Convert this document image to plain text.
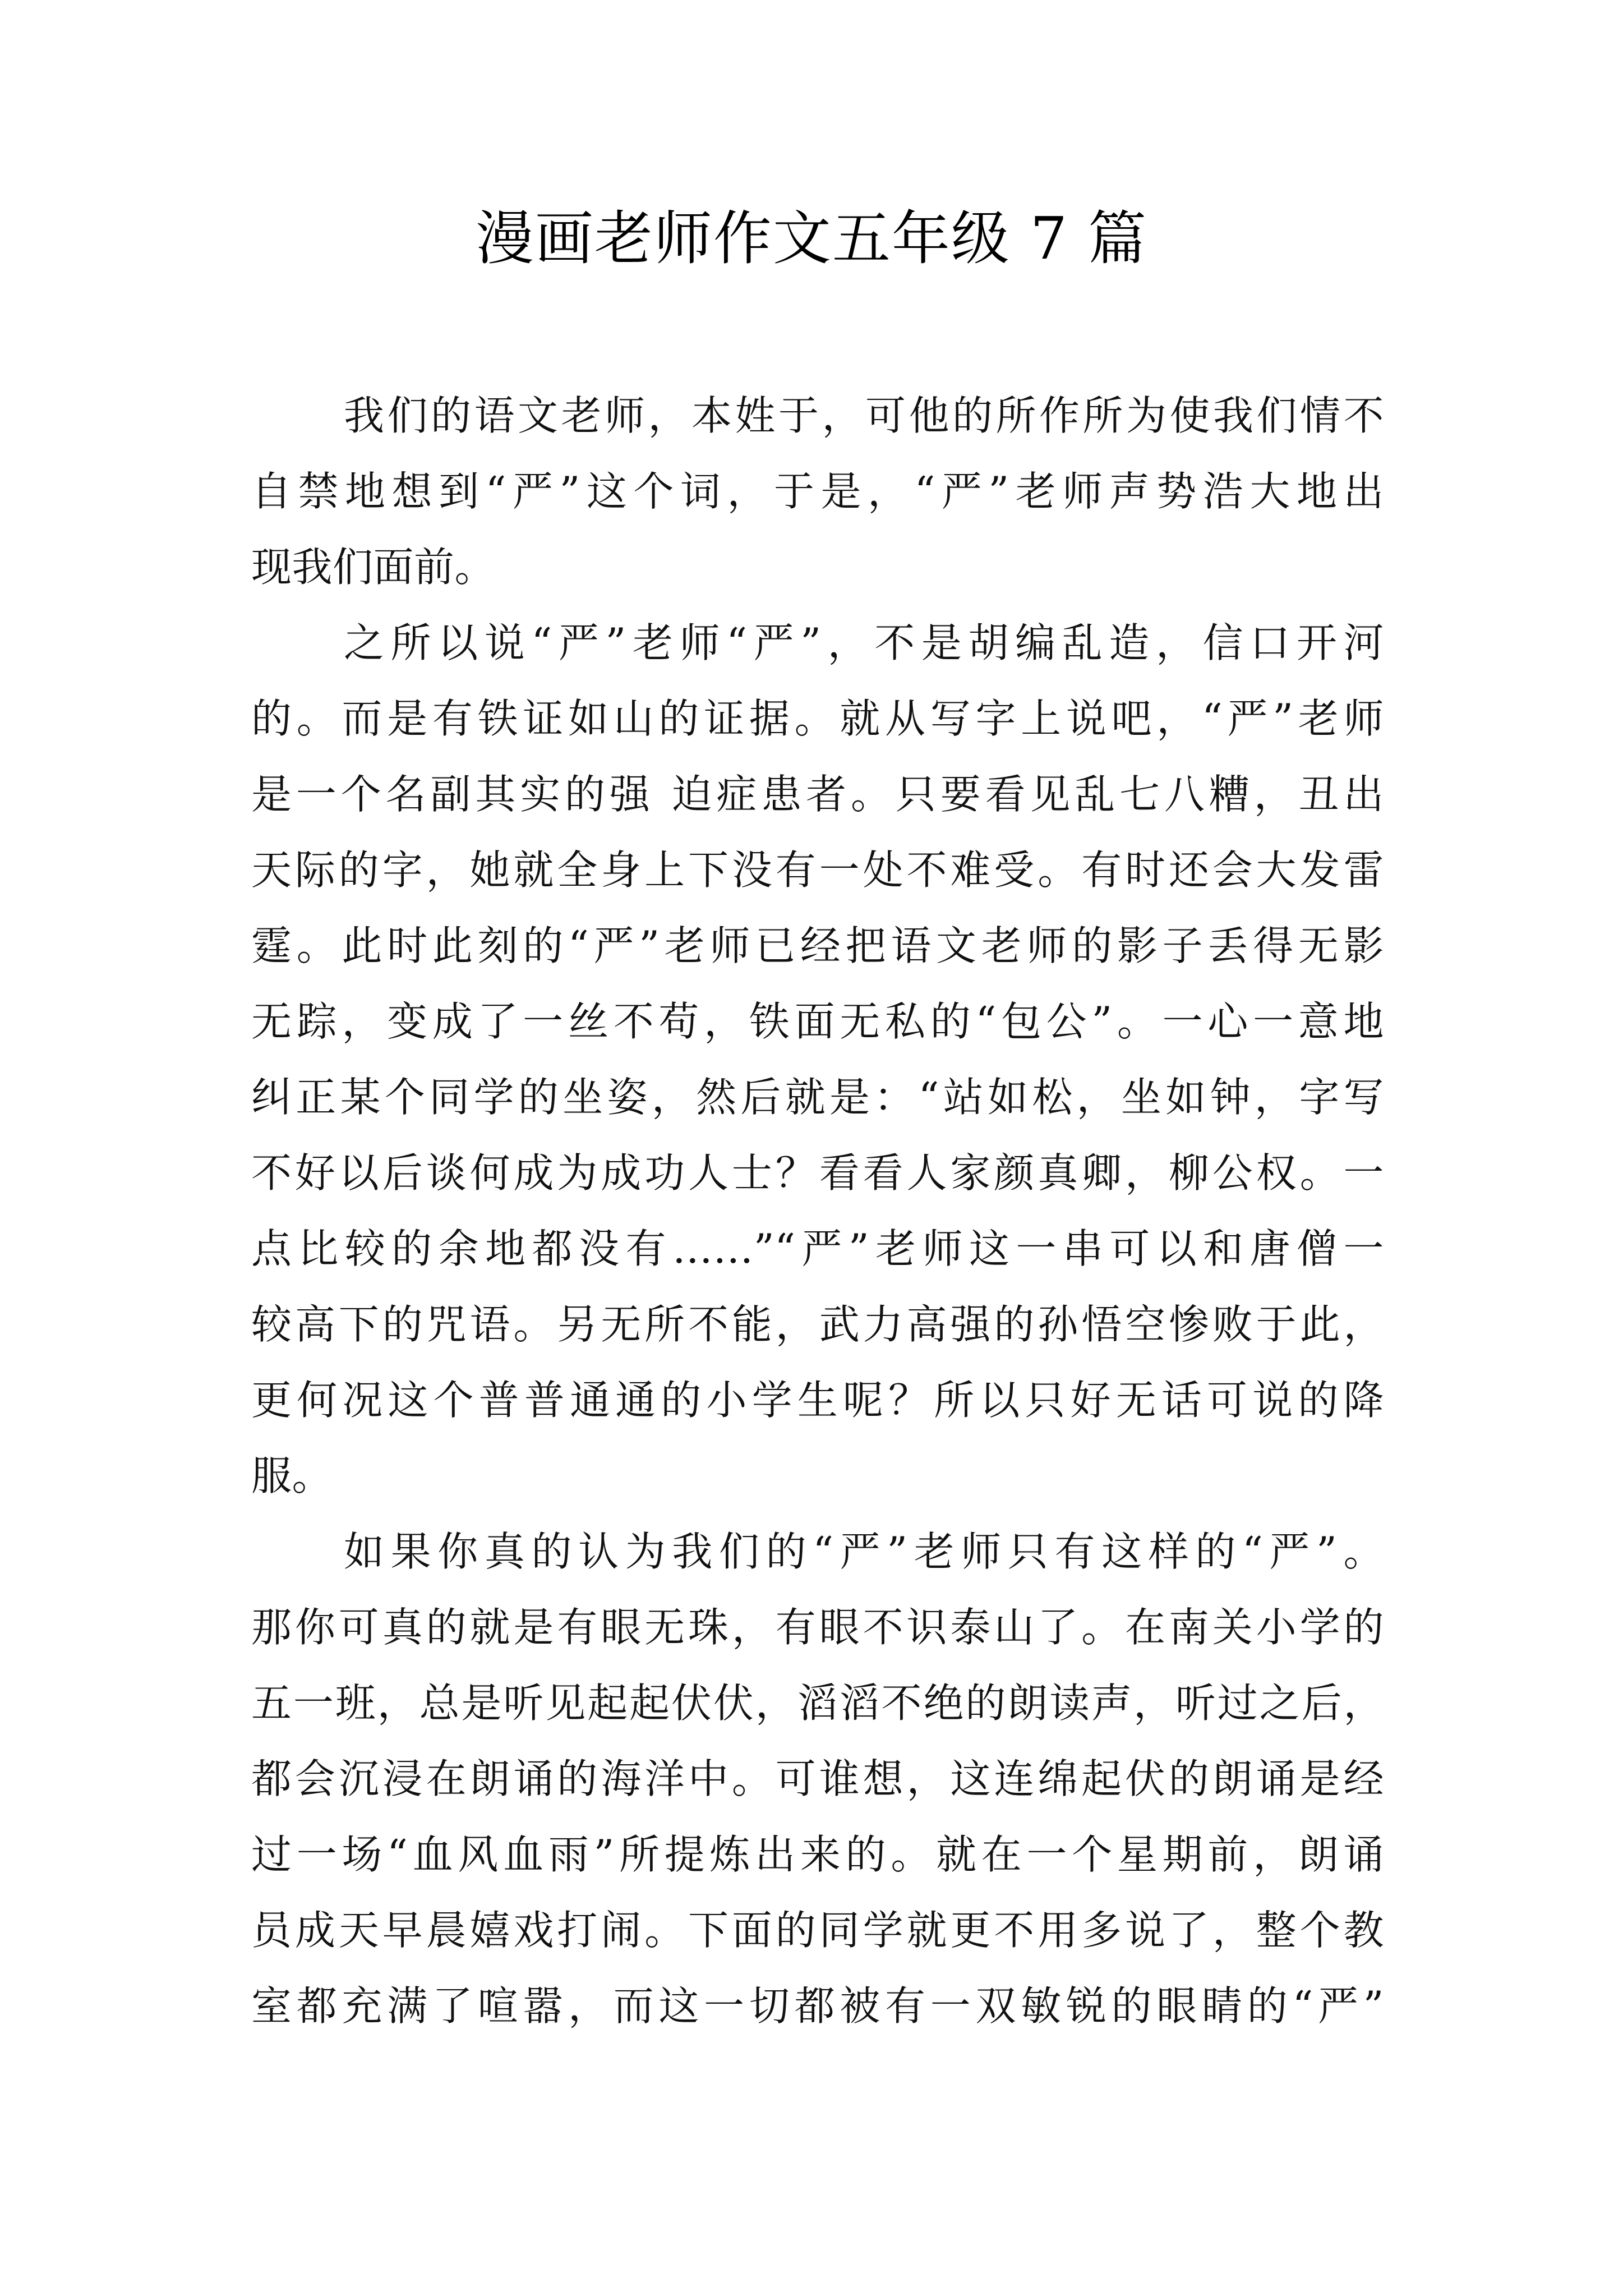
漫画老师作文五年级 7 篇

我们的语文老师，本姓于，可他的所作所为使我们情不

自禁地想到“严”这个词，于是，“严”老师声势浩大地出

现我们面前。

之所以说“严”老师“严”，不是胡编乱造，信口开河

的。而是有铁证如山的证据。就从写字上说吧，“严”老师

是一个名副其实的强 迫症患者。只要看见乱七八糟，丑出

天际的字，她就全身上下没有一处不难受。有时还会大发雷

霆。此时此刻的“严”老师已经把语文老师的影子丢得无影

无踪，变成了一丝不苟，铁面无私的“包公”。一心一意地

纠正某个同学的坐姿，然后就是：“站如松，坐如钟，字写

不好以后谈何成为成功人士？看看人家颜真卿，柳公权。一

点比较的余地都没有……”“严”老师这一串可以和唐僧一

较高下的咒语。另无所不能，武力高强的孙悟空惨败于此，

更何况这个普普通通的小学生呢？所以只好无话可说的降

服。

如果你真的认为我们的“严”老师只有这样的“严”。

那你可真的就是有眼无珠，有眼不识泰山了。在南关小学的

五一班，总是听见起起伏伏，滔滔不绝的朗读声，听过之后，

都会沉浸在朗诵的海洋中。可谁想，这连绵起伏的朗诵是经

过一场“血风血雨”所提炼出来的。就在一个星期前，朗诵

员成天早晨嬉戏打闹。下面的同学就更不用多说了，整个教

室都充满了喧嚣，而这一切都被有一双敏锐的眼睛的“严”
